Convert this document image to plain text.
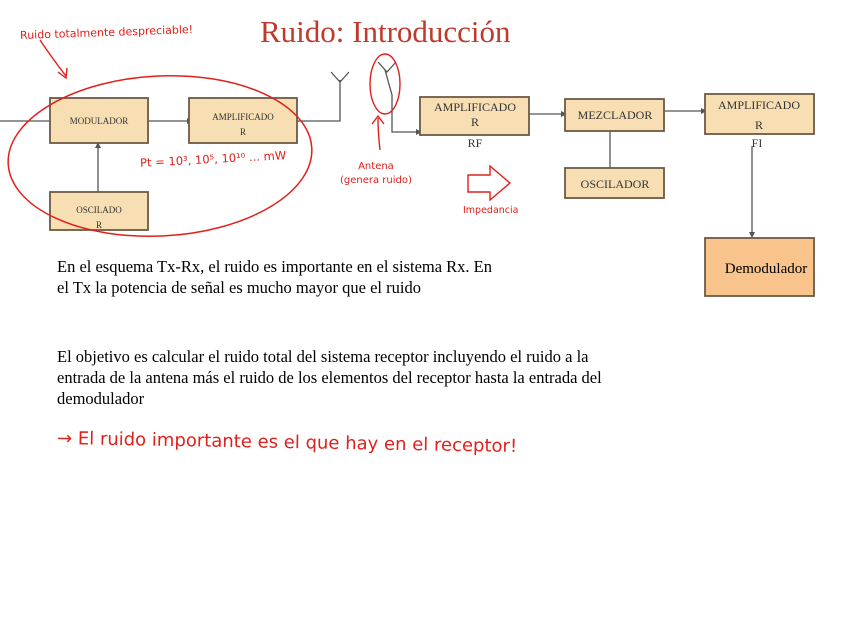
MODULADOR	AMPLIFICADO
R
OSCILADO
R
AMPLIFICADO
R
RF
MEZCLADOR
OSCILADOR
AMPLIFICADO
R
FI
Demodulador
Ruido: Introducción
Ruido totalmente despreciable!
Pt = 10³, 10⁵, 10¹⁰ ... mW	Antena
(genera ruido)
Impedancia
En el esquema Tx-Rx, el ruido es importante en el sistema Rx. En
el Tx la potencia de señal es mucho mayor que el ruido
El objetivo es calcular el ruido total del sistema receptor incluyendo el ruido a la
entrada de la antena más el ruido de los elementos del receptor hasta la entrada del
demodulador
→ El ruido importante es el que hay en el receptor!
